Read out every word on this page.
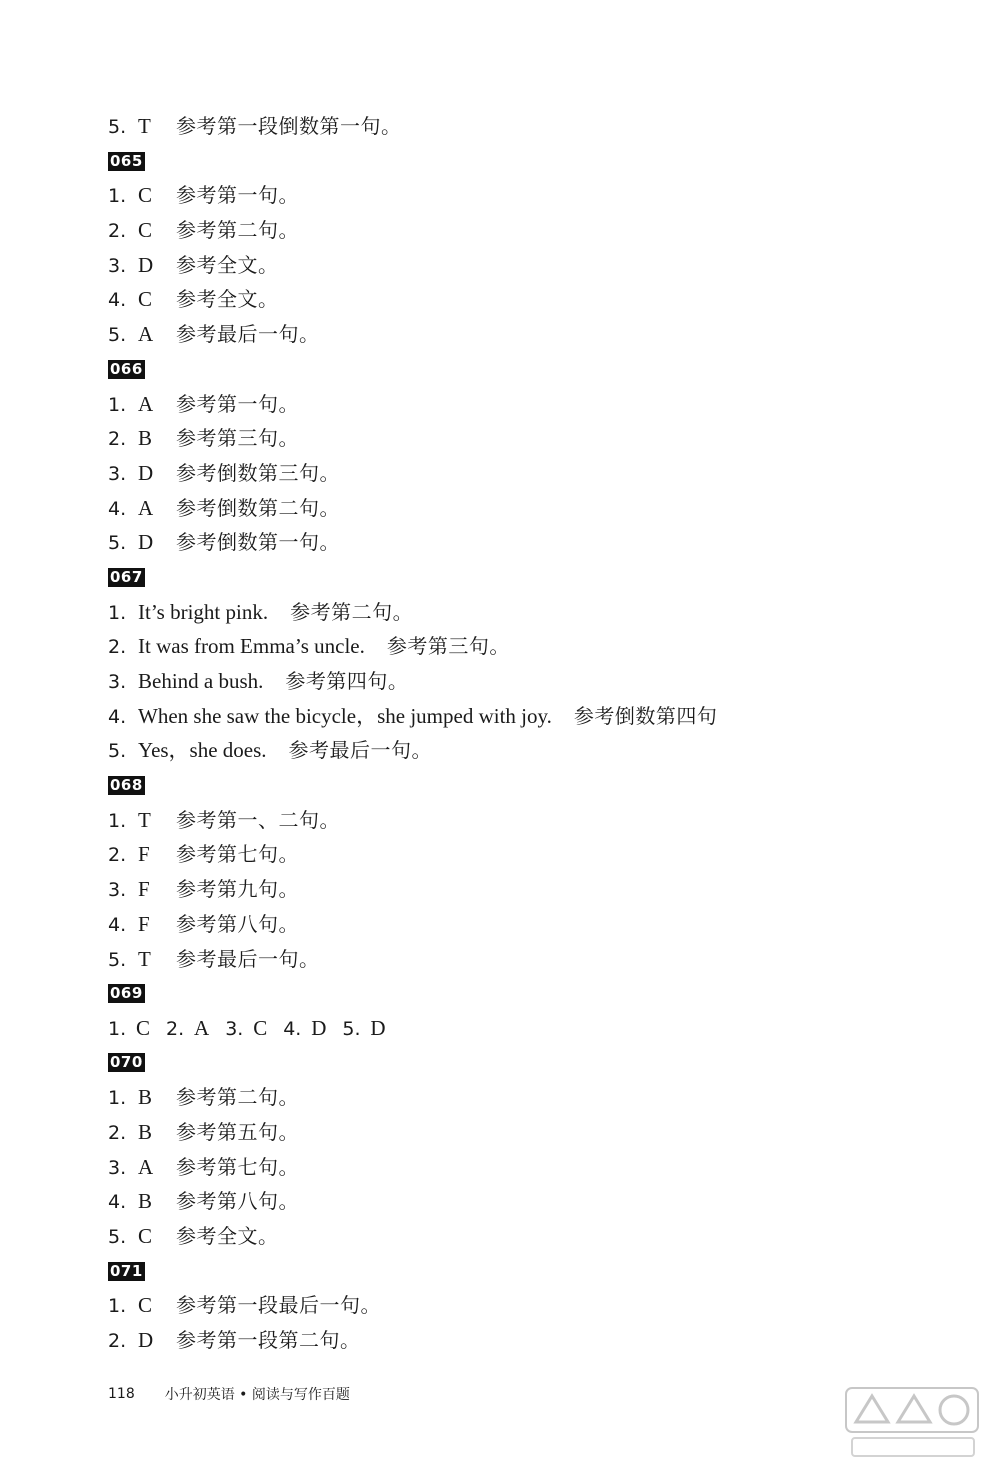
5. T 参考第一段倒数第一句。
065
1. C 参考第一句。
2. C 参考第二句。
3. D 参考全文。
4. C 参考全文。
5. A 参考最后一句。
066
1. A 参考第一句。
2. B 参考第三句。
3. D 参考倒数第三句。
4. A 参考倒数第二句。
5. D 参考倒数第一句。
067
1. It’s bright pink. 参考第二句。
2. It was from Emma’s uncle. 参考第三句。
3. Behind a bush. 参考第四句。
4. When she saw the bicycle，she jumped with joy. 参考倒数第四句
5. Yes，she does. 参考最后一句。
068
1. T 参考第一、二句。
2. F 参考第七句。
3. F 参考第九句。
4. F 参考第八句。
5. T 参考最后一句。
069
1. C 2. A 3. C 4. D 5. D
070
1. B 参考第二句。
2. B 参考第五句。
3. A 参考第七句。
4. B 参考第八句。
5. C 参考全文。
071
1. C 参考第一段最后一句。
2. D 参考第一段第二句。
118 小升初英语 • 阅读与写作百题
